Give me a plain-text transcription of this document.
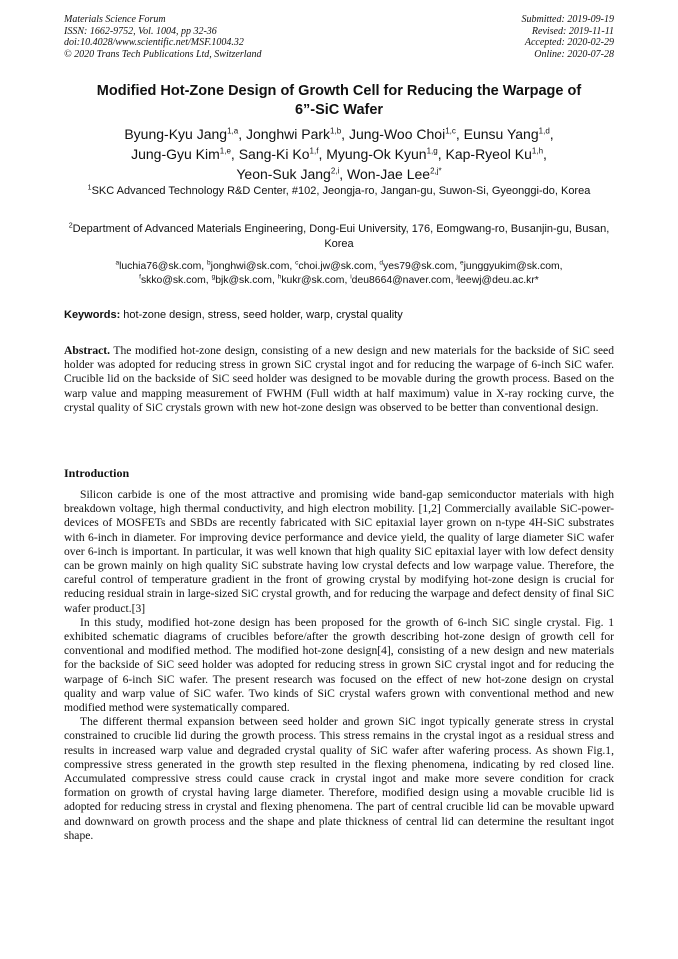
Materials Science Forum
ISSN: 1662-9752, Vol. 1004, pp 32-36
doi:10.4028/www.scientific.net/MSF.1004.32
© 2020 Trans Tech Publications Ltd, Switzerland
Submitted: 2019-09-19
Revised: 2019-11-11
Accepted: 2020-02-29
Online: 2020-07-28
Modified Hot-Zone Design of Growth Cell for Reducing the Warpage of
6”-SiC Wafer
Byung-Kyu Jang$^{1,a}$, Jonghwi Park$^{1,b}$, Jung-Woo Choi$^{1,c}$, Eunsu Yang$^{1,d}$,
Jung-Gyu Kim$^{1,e}$, Sang-Ki Ko$^{1,f}$, Myung-Ok Kyun$^{1,g}$, Kap-Ryeol Ku$^{1,h}$,
Yeon-Suk Jang$^{2,i}$, Won-Jae Lee$^{2,j*}$
$^1$SKC Advanced Technology R&D Center, #102, Jeongja-ro, Jangan-gu, Suwon-Si, Gyeonggi-do, Korea
$^2$Department of Advanced Materials Engineering, Dong-Eui University, 176, Eomgwang-ro, Busanjin-gu, Busan, Korea
$^a$luchia76@sk.com, $^b$jonghwi@sk.com, $^c$choi.jw@sk.com, $^d$yes79@sk.com, $^e$junggyukim@sk.com,
$^f$skko@sk.com, $^g$bjk@sk.com, $^h$kukr@sk.com, $^i$deu8664@naver.com, $^j$leewj@deu.ac.kr*
Keywords: hot-zone design, stress, seed holder, warp, crystal quality
Abstract. The modified hot-zone design, consisting of a new design and new materials for the backside of SiC seed holder was adopted for reducing stress in grown SiC crystal ingot and for reducing the warpage of 6-inch SiC wafer. Crucible lid on the backside of SiC seed holder was designed to be movable during the growth process. Based on the warp value and mapping measurement of FWHM (Full width at half maximum) value in X-ray rocking curve, the crystal quality of SiC crystals grown with new hot-zone design was observed to be better than conventional design.
Introduction

Silicon carbide is one of the most attractive and promising wide band-gap semiconductor materials with high breakdown voltage, high thermal conductivity, and high electron mobility. [1,2] Commercially available SiC-power-devices of MOSFETs and SBDs are recently fabricated with SiC epitaxial layer grown on n-type 4H-SiC substrates with 6-inch in diameter. For improving device performance and device yield, the quality of large diameter SiC wafer over 6-inch is important. In particular, it was well known that high quality SiC epitaxial layer with low defect density can be grown mainly on high quality SiC substrate having low crystal defects and low warpage value. Therefore, the careful control of temperature gradient in the front of growing crystal by modifying hot-zone design is crucial for reducing residual strain in large-sized SiC crystal growth, and for reducing the warpage and defect density of final SiC wafer product.[3]

In this study, modified hot-zone design has been proposed for the growth of 6-inch SiC single crystal. Fig. 1 exhibited schematic diagrams of crucibles before/after the growth describing hot-zone design of growth cell for conventional and modified method. The modified hot-zone design[4], consisting of a new design and new materials for the backside of SiC seed holder was adopted for reducing stress in grown SiC crystal ingot and for reducing the warpage of 6-inch SiC wafer. The present research was focused on the effect of new hot-zone design on crystal quality and warp value of SiC wafer. Two kinds of SiC crystal wafers grown with conventional method and new modified method were systematically compared.

The different thermal expansion between seed holder and grown SiC ingot typically generate stress in crystal constrained to crucible lid during the growth process. This stress remains in the crystal ingot as a residual stress and results in increased warp value and degraded crystal quality of SiC wafer after wafering process. As shown Fig.1, compressive stress generated in the growth step resulted in the flexing phenomena, indicating by red closed line. Accumulated compressive stress could cause crack in crystal ingot and make more severe condition for crack formation on growth of crystal having large diameter. Therefore, modified design using a movable crucible lid is adopted for reducing stress in crystal and flexing phenomena. The part of central crucible lid can be movable upward and downward on growth process and the shape and plate thickness of central lid can determine the resultant ingot shape.
